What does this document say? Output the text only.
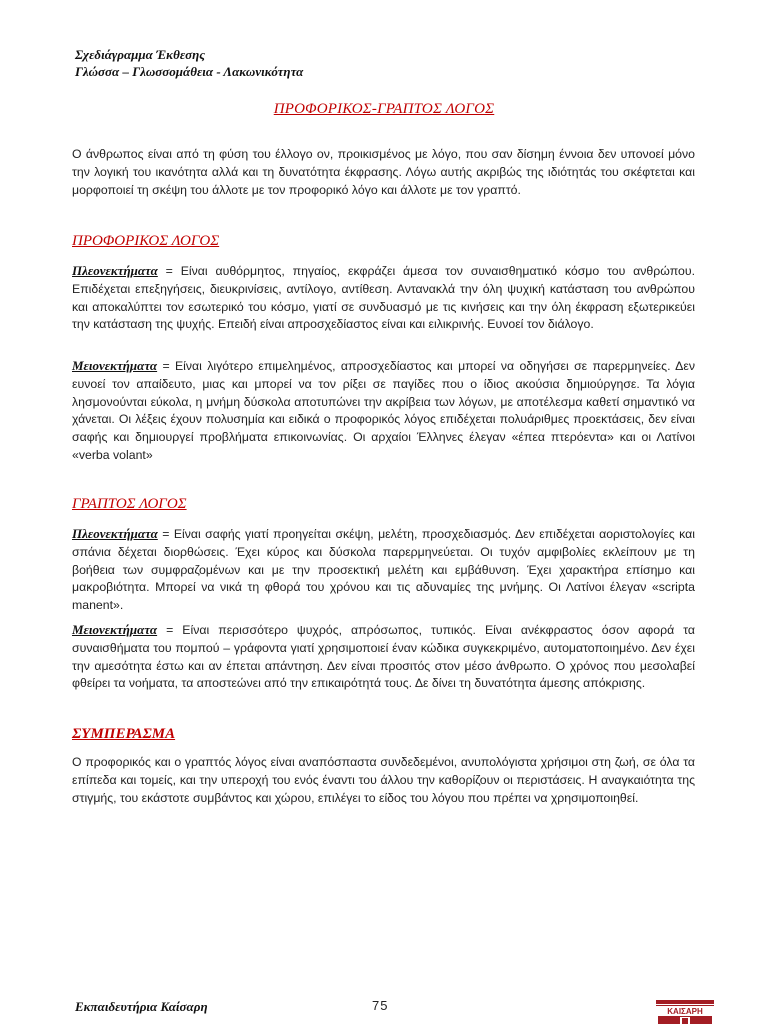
Σχεδιάγραμμα Έκθεσης
Γλώσσα – Γλωσσομάθεια - Λακωνικότητα
ΠΡΟΦΟΡΙΚΟΣ-ΓΡΑΠΤΟΣ ΛΟΓΟΣ
Ο άνθρωπος είναι από τη φύση του έλλογο ον, προικισμένος με λόγο, που σαν δίσημη έννοια δεν υπονοεί μόνο την λογική του ικανότητα αλλά και τη δυνατότητα έκφρασης. Λόγω αυτής ακριβώς της ιδιότητάς του σκέφτεται και μορφοποιεί τη σκέψη του άλλοτε με τον προφορικό λόγο και άλλοτε με τον γραπτό.
ΠΡΟΦΟΡΙΚΟΣ ΛΟΓΟΣ
Πλεονεκτήματα = Είναι αυθόρμητος, πηγαίος, εκφράζει άμεσα τον συναισθηματικό κόσμο του ανθρώπου. Επιδέχεται επεξηγήσεις, διευκρινίσεις, αντίλογο, αντίθεση. Αντανακλά την όλη ψυχική κατάσταση του ανθρώπου και αποκαλύπτει τον εσωτερικό του κόσμο, γιατί σε συνδυασμό με τις κινήσεις και την όλη έκφραση εξωτερικεύει την κατάσταση της ψυχής. Επειδή είναι απροσχεδίαστος είναι και ειλικρινής. Ευνοεί τον διάλογο.
Μειονεκτήματα = Είναι λιγότερο επιμελημένος, απροσχεδίαστος και μπορεί να οδηγήσει σε παρερμηνείες. Δεν ευνοεί τον απαίδευτο, μιας και μπορεί να τον ρίξει σε παγίδες που ο ίδιος ακούσια δημιούργησε. Τα λόγια λησμονούνται εύκολα, η μνήμη δύσκολα αποτυπώνει την ακρίβεια των λόγων, με αποτέλεσμα καθετί σημαντικό να χάνεται. Οι λέξεις έχουν πολυσημία και ειδικά ο προφορικός λόγος επιδέχεται πολυάριθμες προεκτάσεις, δεν είναι σαφής και δημιουργεί προβλήματα επικοινωνίας. Οι αρχαίοι Έλληνες έλεγαν «έπεα πτερόεντα» και οι Λατίνοι «verba volant»
ΓΡΑΠΤΟΣ ΛΟΓΟΣ
Πλεονεκτήματα = Είναι σαφής γιατί προηγείται σκέψη, μελέτη, προσχεδιασμός. Δεν επιδέχεται αοριστολογίες και σπάνια δέχεται διορθώσεις. Έχει κύρος και δύσκολα παρερμηνεύεται. Οι τυχόν αμφιβολίες εκλείπουν με τη βοήθεια των συμφραζομένων και με την προσεκτική μελέτη και εμβάθυνση. Έχει χαρακτήρα επίσημο και μακροβιότητα. Μπορεί να νικά τη φθορά του χρόνου και τις αδυναμίες της μνήμης. Οι Λατίνοι έλεγαν «scripta manent».
Μειονεκτήματα = Είναι περισσότερο ψυχρός, απρόσωπος, τυπικός. Είναι ανέκφραστος όσον αφορά τα συναισθήματα του πομπού – γράφοντα γιατί χρησιμοποιεί έναν κώδικα συγκεκριμένο, αυτοματοποιημένο. Δεν έχει την αμεσότητα έστω και αν έπεται απάντηση. Δεν είναι προσιτός στον μέσο άνθρωπο. Ο χρόνος που μεσολαβεί φθείρει τα νοήματα, τα αποστεώνει από την επικαιρότητά τους. Δε δίνει τη δυνατότητα άμεσης απόκρισης.
ΣΥΜΠΕΡΑΣΜΑ
Ο προφορικός και ο γραπτός λόγος είναι αναπόσπαστα συνδεδεμένοι, ανυπολόγιστα χρήσιμοι στη ζωή, σε όλα τα επίπεδα και τομείς, και την υπεροχή του ενός έναντι του άλλου την καθορίζουν οι περιστάσεις. Η αναγκαιότητα της στιγμής, του εκάστοτε συμβάντος και χώρου, επιλέγει το είδος του λόγου που πρέπει να χρησιμοποιηθεί.
Εκπαιδευτήρια Καίσαρη	75	ΚΑΙΣΑΡΗ
